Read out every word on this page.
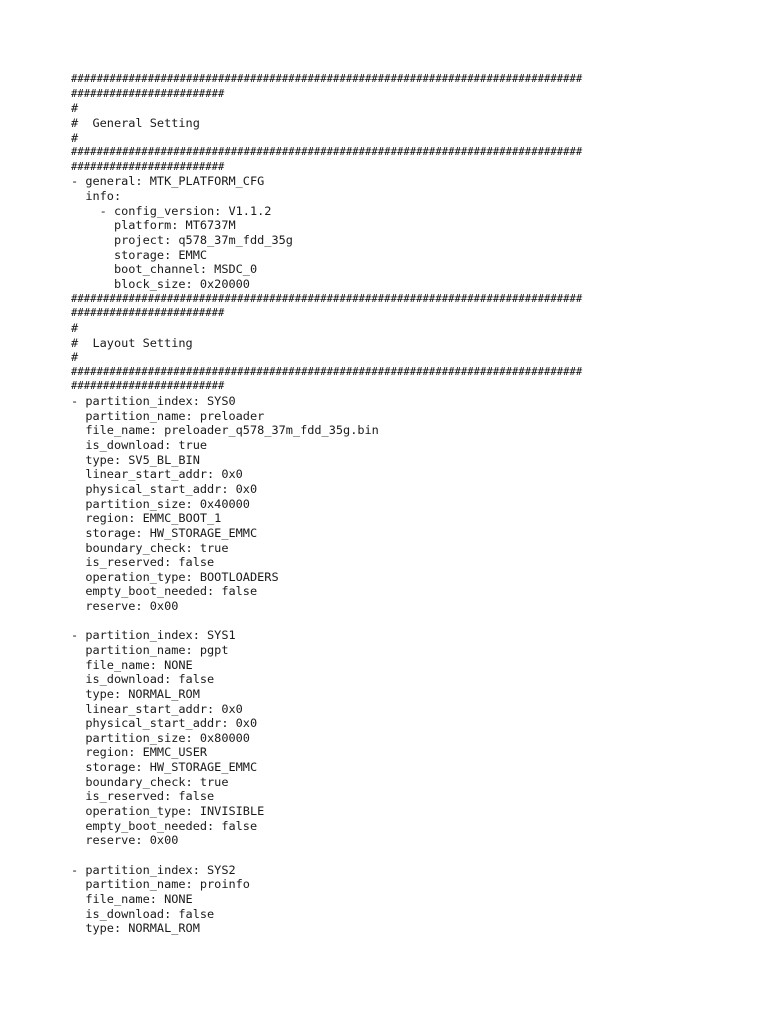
################################################################################
########################
#
#  General Setting
#
################################################################################
########################
- general: MTK_PLATFORM_CFG
info:
- config_version: V1.1.2
platform: MT6737M
project: q578_37m_fdd_35g
storage: EMMC
boot_channel: MSDC_0
block_size: 0x20000
################################################################################
########################
#
#  Layout Setting
#
################################################################################
########################
- partition_index: SYS0
partition_name: preloader
file_name: preloader_q578_37m_fdd_35g.bin
is_download: true
type: SV5_BL_BIN
linear_start_addr: 0x0
physical_start_addr: 0x0
partition_size: 0x40000
region: EMMC_BOOT_1
storage: HW_STORAGE_EMMC
boundary_check: true
is_reserved: false
operation_type: BOOTLOADERS
empty_boot_needed: false
reserve: 0x00
- partition_index: SYS1
partition_name: pgpt
file_name: NONE
is_download: false
type: NORMAL_ROM
linear_start_addr: 0x0
physical_start_addr: 0x0
partition_size: 0x80000
region: EMMC_USER
storage: HW_STORAGE_EMMC
boundary_check: true
is_reserved: false
operation_type: INVISIBLE
empty_boot_needed: false
reserve: 0x00
- partition_index: SYS2
partition_name: proinfo
file_name: NONE
is_download: false
type: NORMAL_ROM
